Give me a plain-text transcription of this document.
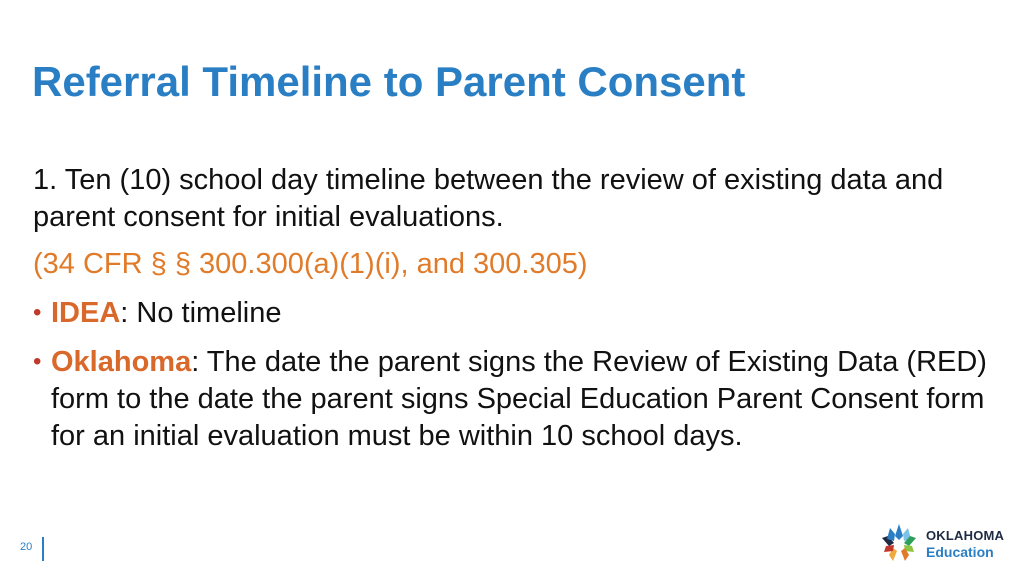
Referral Timeline to Parent Consent

1. Ten (10) school day timeline between the review of existing data and parent consent for initial evaluations.

(34 CFR § § 300.300(a)(1)(i), and 300.305)

• IDEA: No timeline
• Oklahoma: The date the parent signs the Review of Existing Data (RED) form to the date the parent signs Special Education Parent Consent form for an initial evaluation must be within 10 school days.
20
OKLAHOMA
Education
